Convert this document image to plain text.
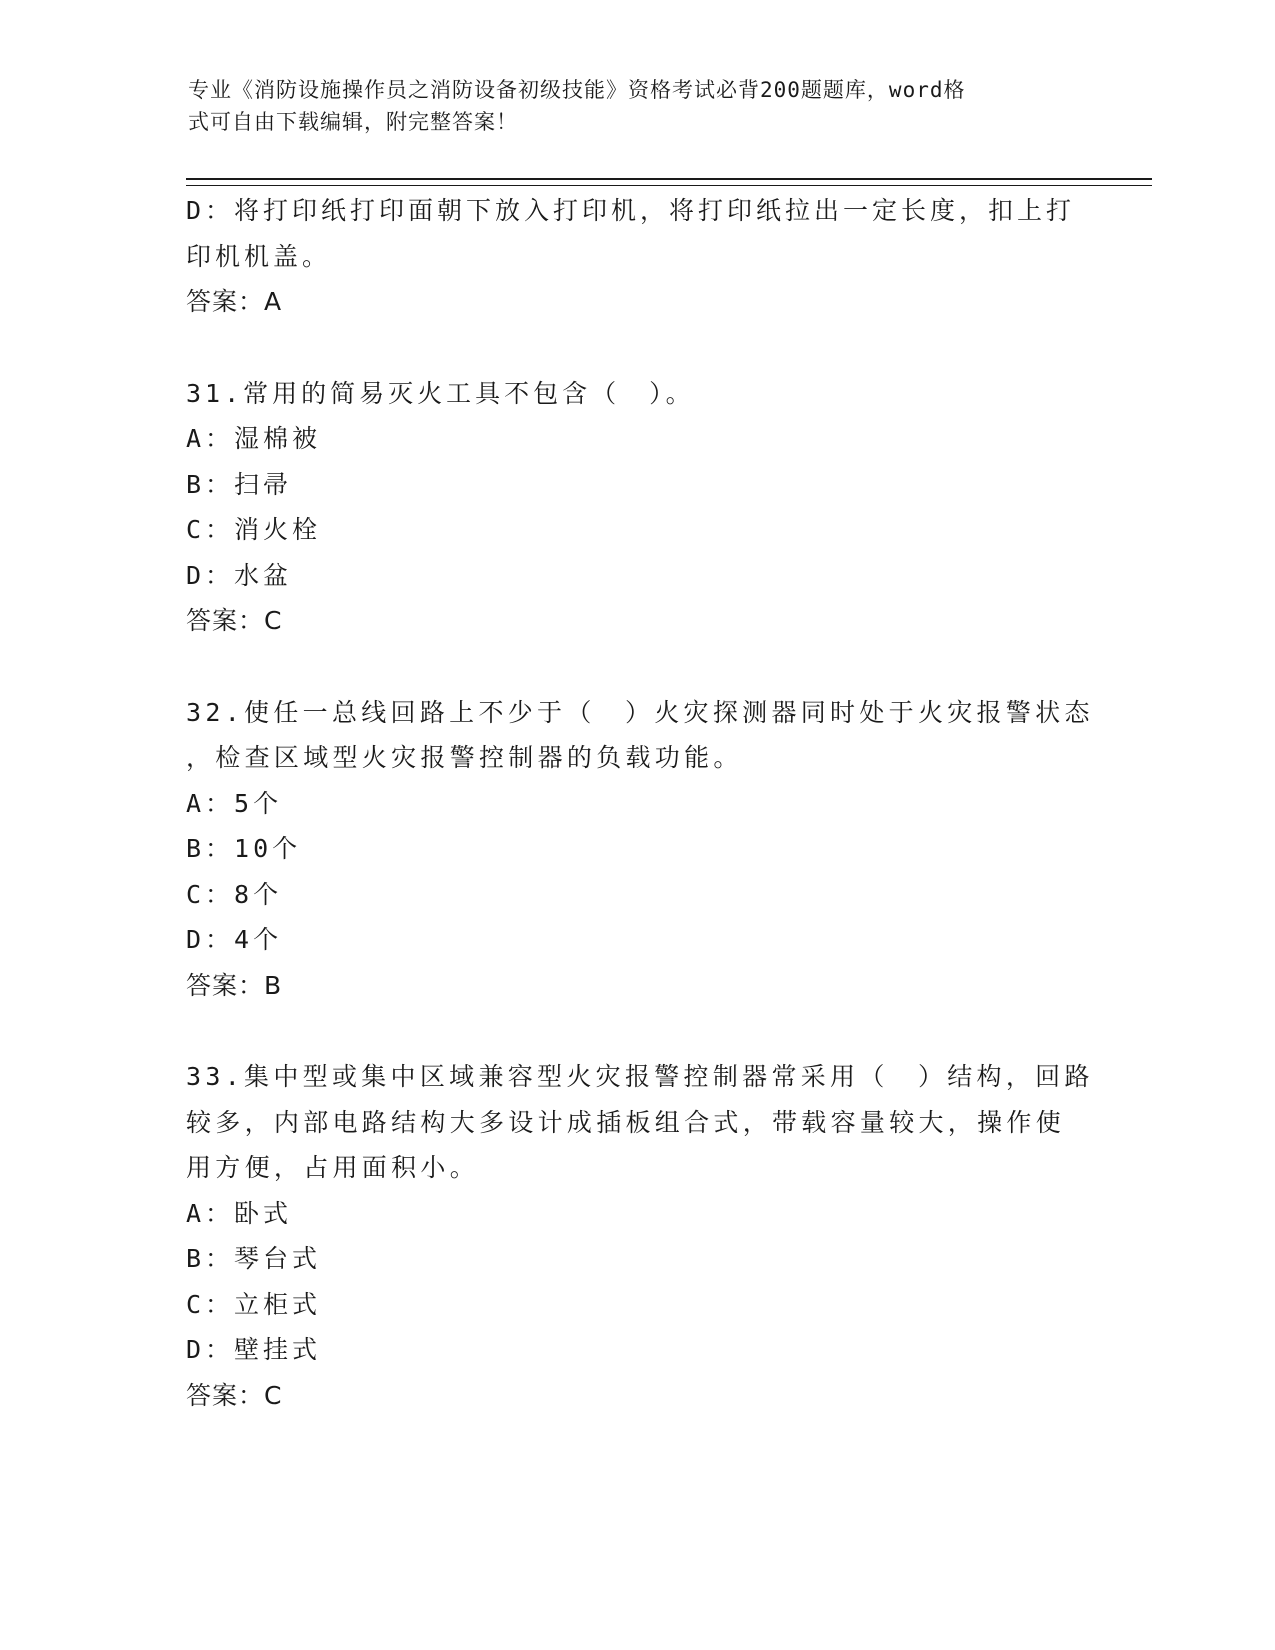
专业《消防设施操作员之消防设备初级技能》资格考试必背200题题库，word格
式可自由下载编辑，附完整答案！
D：将打印纸打印面朝下放入打印机，将打印纸拉出一定长度，扣上打
印机机盖。
答案：A
31.常用的简易灭火工具不包含（　）。
A：湿棉被
B：扫帚
C：消火栓
D：水盆
答案：C
32.使任一总线回路上不少于（　）火灾探测器同时处于火灾报警状态
，检查区域型火灾报警控制器的负载功能。
A：5个
B：10个
C：8个
D：4个
答案：B
33.集中型或集中区域兼容型火灾报警控制器常采用（　）结构，回路
较多，内部电路结构大多设计成插板组合式，带载容量较大，操作使
用方便，占用面积小。
A：卧式
B：琴台式
C：立柜式
D：壁挂式
答案：C
